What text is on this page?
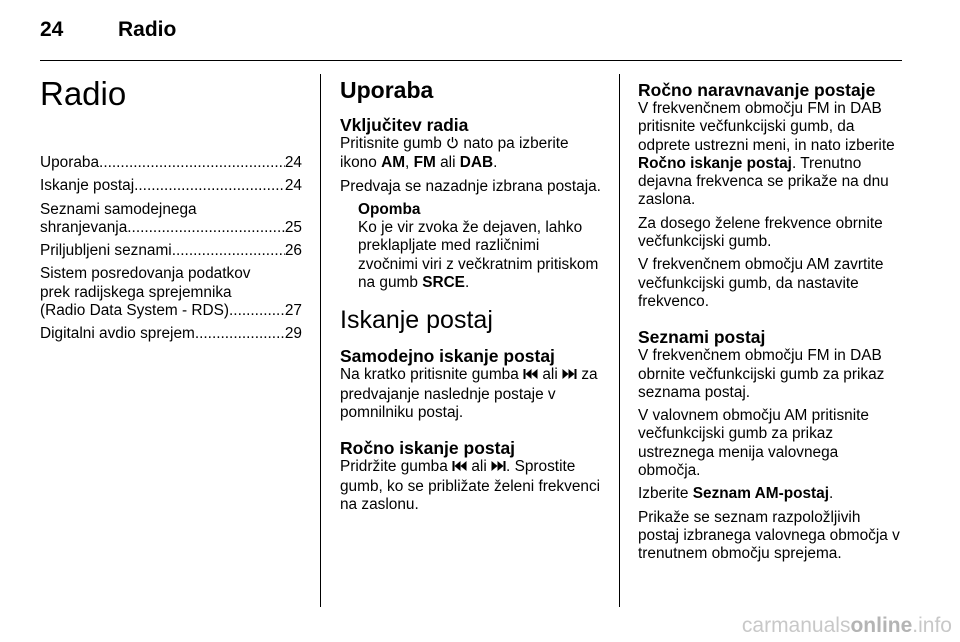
24	Radio
Radio
Uporaba .....	24
Iskanje postaj .....	24
Seznami samodejnega
shranjevanja .....	25
Priljubljeni seznami .....	26
Sistem posredovanja podatkov
prek radijskega sprejemnika
(Radio Data System - RDS) .....	27
Digitalni avdio sprejem .....	29
Uporaba
Vključitev radia

Pritisnite gumb nato pa izberite ikono AM, FM ali DAB.

Predvaja se nazadnje izbrana postaja.

Opomba
Ko je vir zvoka že dejaven, lahko preklapljate med različnimi zvočnimi viri z večkratnim pritiskom na gumb SRCE.
Iskanje postaj
Samodejno iskanje postaj

Na kratko pritisnite gumba ali za predvajanje naslednje postaje v pomnilniku postaj.

Ročno iskanje postaj

Pridržite gumba ali . Sprostite gumb, ko se približate želeni frekvenci na zaslonu.

Ročno naravnavanje postaje

V frekvenčnem območju FM in DAB pritisnite večfunkcijski gumb, da odprete ustrezni meni, in nato izberite Ročno iskanje postaj. Trenutno dejavna frekvenca se prikaže na dnu zaslona.

Za dosego želene frekvence obrnite večfunkcijski gumb.

V frekvenčnem območju AM zavrtite večfunkcijski gumb, da nastavite frekvenco.

Seznami postaj

V frekvenčnem območju FM in DAB obrnite večfunkcijski gumb za prikaz seznama postaj.

V valovnem območju AM pritisnite večfunkcijski gumb za prikaz ustreznega menija valovnega območja.

Izberite Seznam AM-postaj.

Prikaže se seznam razpoložljivih postaj izbranega valovnega območja v trenutnem območju sprejema.

carmanualsonline.info
